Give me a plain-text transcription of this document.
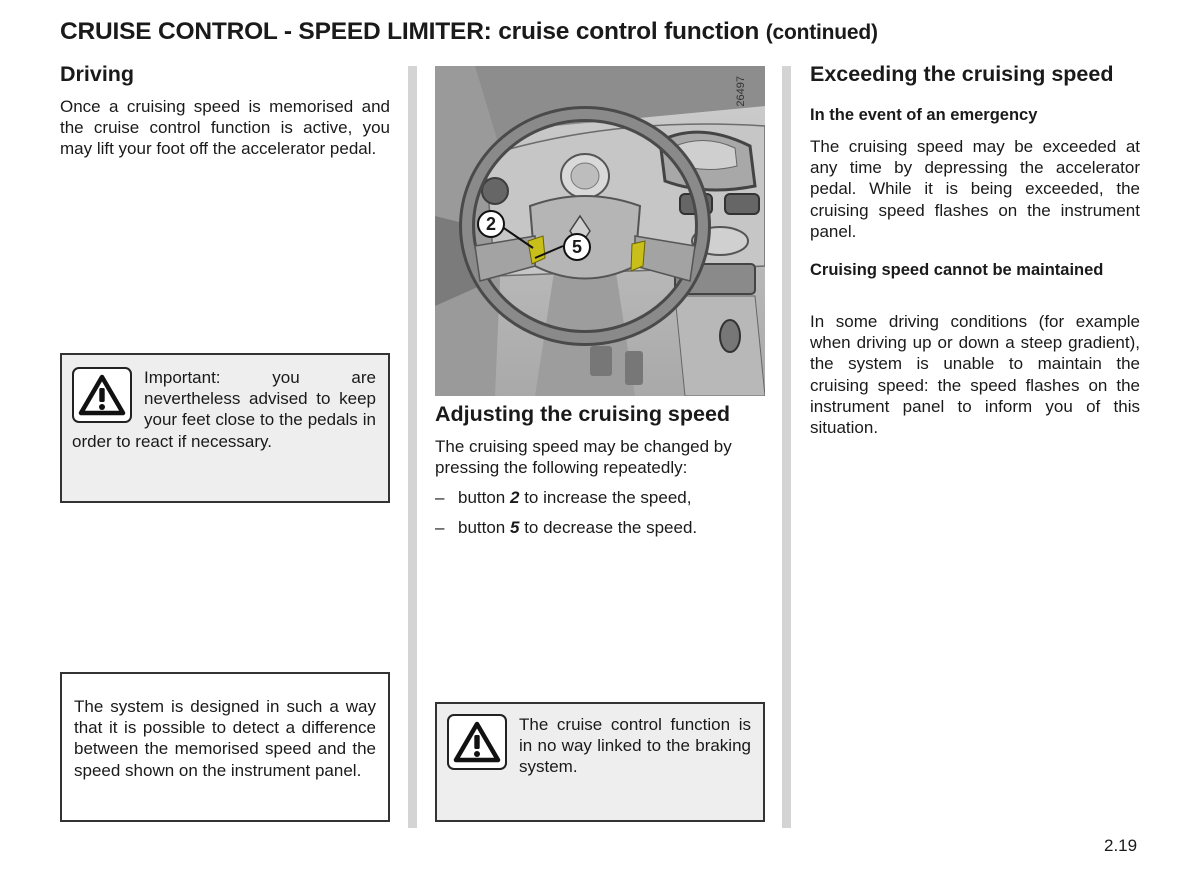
CRUISE CONTROL - SPEED LIMITER: cruise control function (continued)
Driving

Once a cruising speed is memorised and the cruise control function is active, you may lift your foot off the accelerator pedal.

Important: you are nevertheless advised to keep your feet close to the pedals in order to react if necessary.

The system is designed in such a way that it is possible to detect a difference between the memorised speed and the speed shown on the instrument panel.

2
5
26497
Adjusting the cruising speed

The cruising speed may be changed by pressing the following repeatedly:

– button 2 to increase the speed,
– button 5 to decrease the speed.

The cruise control function is in no way linked to the braking system.

Exceeding the cruising speed
In the event of an emergency

The cruising speed may be exceeded at any time by depressing the accelerator pedal. While it is being exceeded, the cruising speed flashes on the instrument panel.

Cruising speed cannot be maintained

In some driving conditions (for example when driving up or down a steep gradient), the system is unable to maintain the cruising speed: the speed flashes on the instrument panel to inform you of this situation.

2.19
